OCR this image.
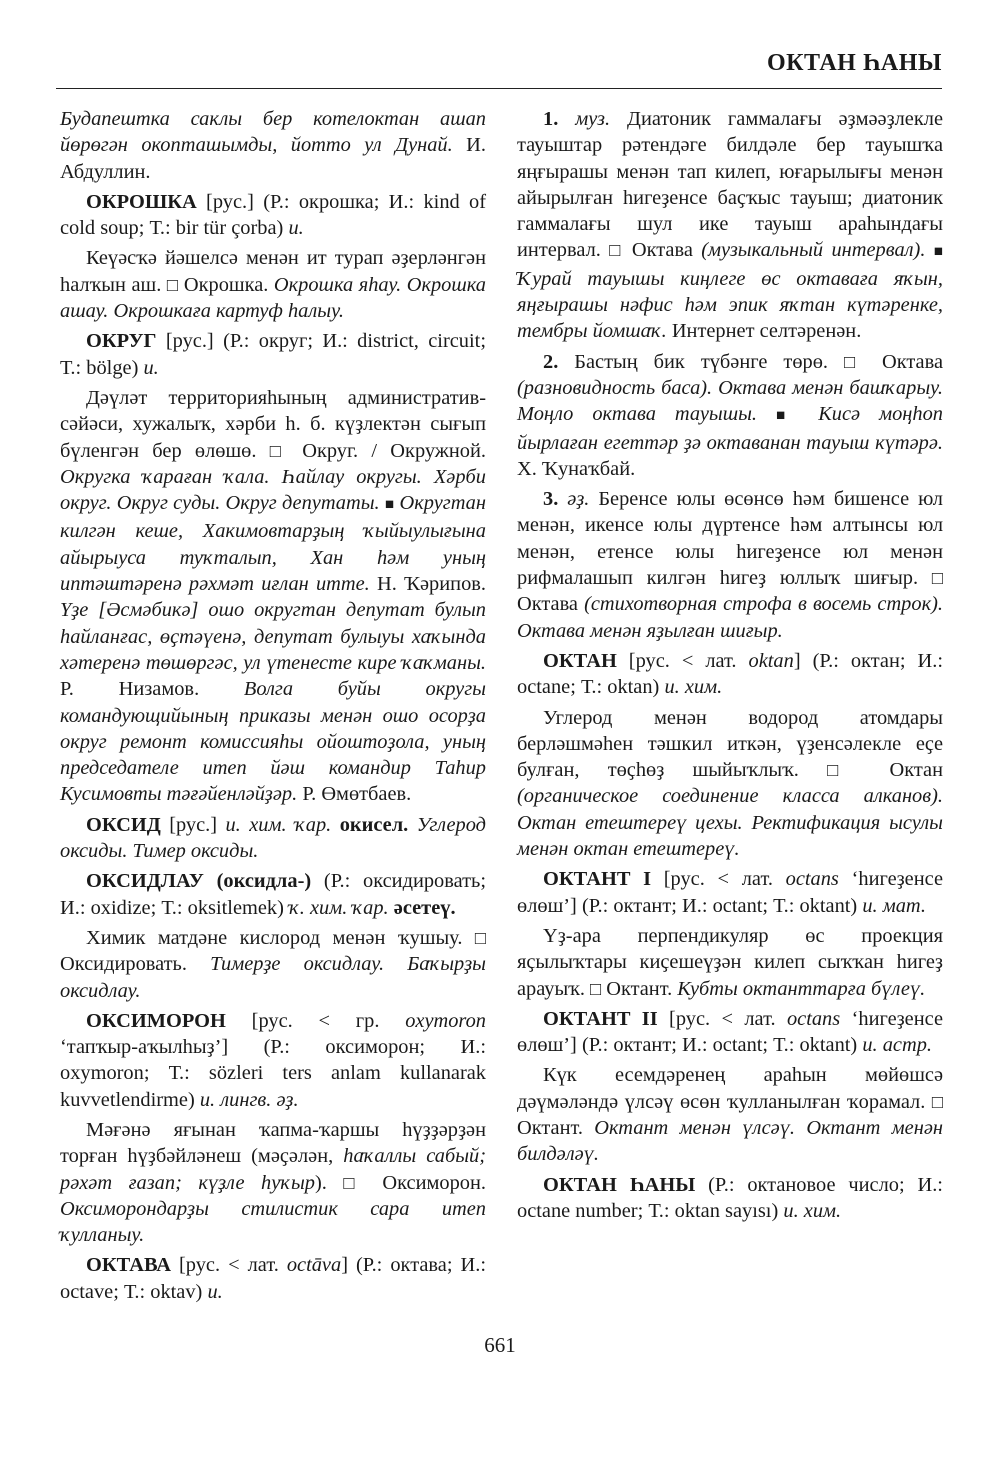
ОКТАН ҺАНЫ

Будапештка саклы бер котелоктан ашап йөрөгән окопташымды, йотто ул Дунай. И. Абдуллин.

ОКРОШКА [рус.] (Р.: окрошка; И.: kind of cold soup; Т.: bir tür çorba) и.

Кеүәсҡә йәшелсә менән ит турап әҙерләнгән һалҡын аш. □ Окрошка. Окрошка яһау. Окрошка ашау. Окрошкаға картуф һалыу.

ОКРУГ [рус.] (Р.: округ; И.: district, circuit; Т.: bölge) и.

Дәүләт территорияһының административ-сәйәси, хужалыҡ, хәрби һ. б. күҙлектән сығып бүленгән бер өлөшө. □ Округ. / Окружной. Округка ҡараған ҡала. Һайлау округы. Хәрби округ. Округ суды. Округ депутаты. ■ Округтан килгән кеше, Хакимовтарҙың ҡыйыулығына айырыуса туҡталып, Хан һәм уның иптәштәренә рәхмәт иғлан итте. Н. Ҡәрипов. Үҙе [Әсмәбикә] ошо округтан депутат булып һайланғас, өҫтәүенә, депутат булыуы хаҡында хәтеренә төшөргәс, ул үтенесте кире ҡаҡманы. Р. Низамов. Волга буйы округы командующийының приказы менән ошо осорҙа округ ремонт комиссияһы ойоштоҙола, уның председателе итеп йәш командир Таһир Кусимовты тәғәйенләйҙәр. Р. Өмөтбаев.

ОКСИД [рус.] и. хим. ҡар. окисел. Углерод оксиды. Тимер оксиды.

ОКСИДЛАУ (оксидла-) (Р.: оксидировать; И.: oxidize; Т.: oksitlemek) ҡ. хим. ҡар. әсетеү.

Химик матдәне кислород менән ҡушыу. □ Оксидировать. Тимерҙе оксидлау. Баҡырҙы оксидлау.

ОКСИМОРОН [рус. < гр. oxymoron ‘тапҡыр-аҡылһыҙ’] (Р.: оксиморон; И.: oxymoron; Т.: sözleri ters anlam kullanarak kuvvetlendirme) и. лингв. әҙ.

Мәғәнә яғынан ҡапма-ҡаршы һүҙҙәрҙән торған һүҙбәйләнеш (мәҫәлән, һаҡаллы сабый; рәхәт ғазап; күҙле һуҡыр). □ Оксиморон. Оксиморондарҙы стилистик сара итеп ҡулланыу.

ОКТАВА [рус. < лат. octāva] (Р.: октава; И.: octave; Т.: oktav) и.

1. муз. Диатоник гаммалағы әҙмәәҙлекле тауыштар рәтендәге билдәле бер тауышҡа яңғырашы менән тап килеп, юғарылығы менән айырылған һигеҙенсе баҫҡыс тауыш; диатоник гаммалағы шул ике тауыш араһындағы интервал. □ Октава (музыкальный интервал). ■ Ҡурай тауышы киңлеге өс октаваға яҡын, яңғырашы нәфис һәм эпик яҡтан күтәренке, тембры йомшаҡ. Интернет селтәренән.

2. Бастың бик түбәнге төрө. □ Октава (разновидность баса). Октава менән башҡарыу. Моңло октава тауышы. ■ Кисә моңһоп йырлаған егеттәр ҙә октаванан тауыш күтәрә. Х. Ҡунаҡбай.

3. әҙ. Беренсе юлы өсөнсө һәм бишенсе юл менән, икенсе юлы дүртенсе һәм алтынсы юл менән, етенсе юлы һигеҙенсе юл менән рифмалашып килгән һигеҙ юллыҡ шиғыр. □ Октава (стихотворная строфа в восемь строк). Октава менән яҙылған шиғыр.

ОКТАН [рус. < лат. oktan] (Р.: октан; И.: octane; Т.: oktan) и. хим.

Углерод менән водород атомдары берләшмәһен тәшкил иткән, үҙенсәлекле еҫе булған, төҫһөҙ шыйыҡлыҡ. □ Октан (органическое соединение класса алканов). Октан етештереү цехы. Ректификация ысулы менән октан етештереү.

ОКТАНТ I [рус. < лат. octans ‘һигеҙенсе өлөш’] (Р.: октант; И.: octant; Т.: oktant) и. мат.

Үҙ-ара перпендикуляр өс проекция яҫылыҡтары киҫешеүҙән килеп сыҡҡан һигеҙ арауыҡ. □ Октант. Кубты октанттарға бүлеү.

ОКТАНТ II [рус. < лат. octans ‘һигеҙенсе өлөш’] (Р.: октант; И.: octant; Т.: oktant) и. астр.

Күк есемдәренең араһын мөйөшсә дәүмәләндә үлсәү өсөн ҡулланылған ҡорамал. □ Октант. Октант менән үлсәү. Октант менән билдәләү.

ОКТАН ҺАНЫ (Р.: октановое число; И.: octane number; Т.: oktan sayısı) и. хим.

661
